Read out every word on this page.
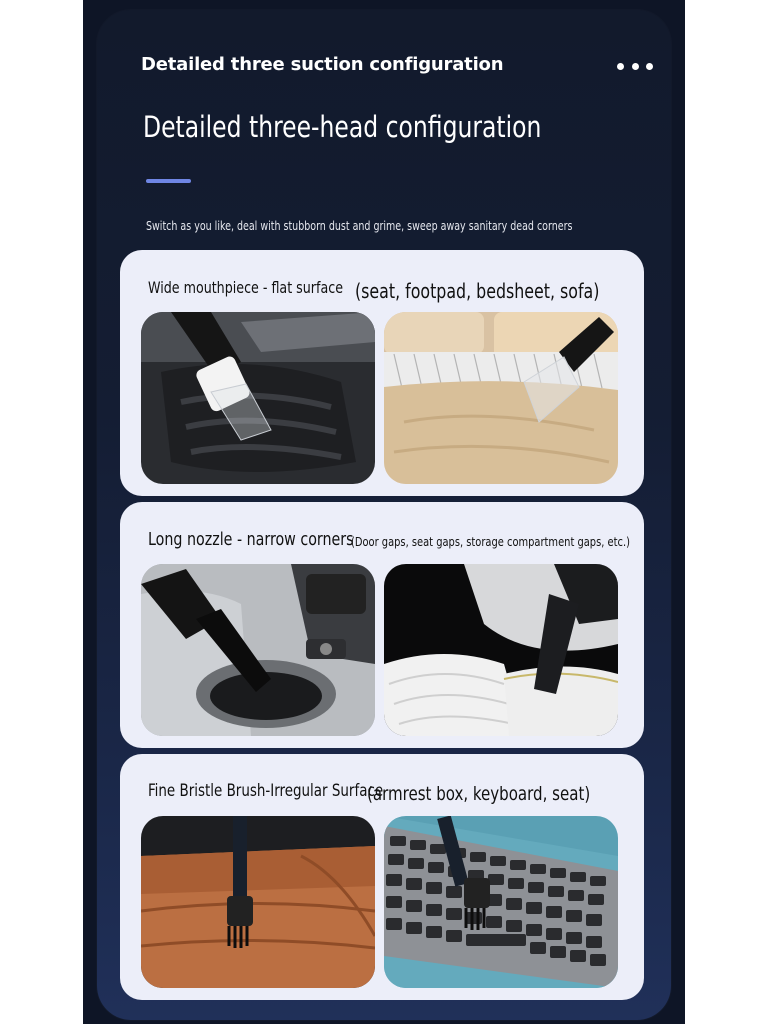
Detailed three suction configuration
Detailed three-head configuration
Switch as you like, deal with stubborn dust and grime, sweep away sanitary dead corners
Wide mouthpiece - flat surface (seat, footpad, bedsheet, sofa)
Long nozzle - narrow corners
(Door gaps, seat gaps, storage compartment gaps, etc.)
Fine Bristle Brush-Irregular Surface
(armrest box, keyboard, seat)
